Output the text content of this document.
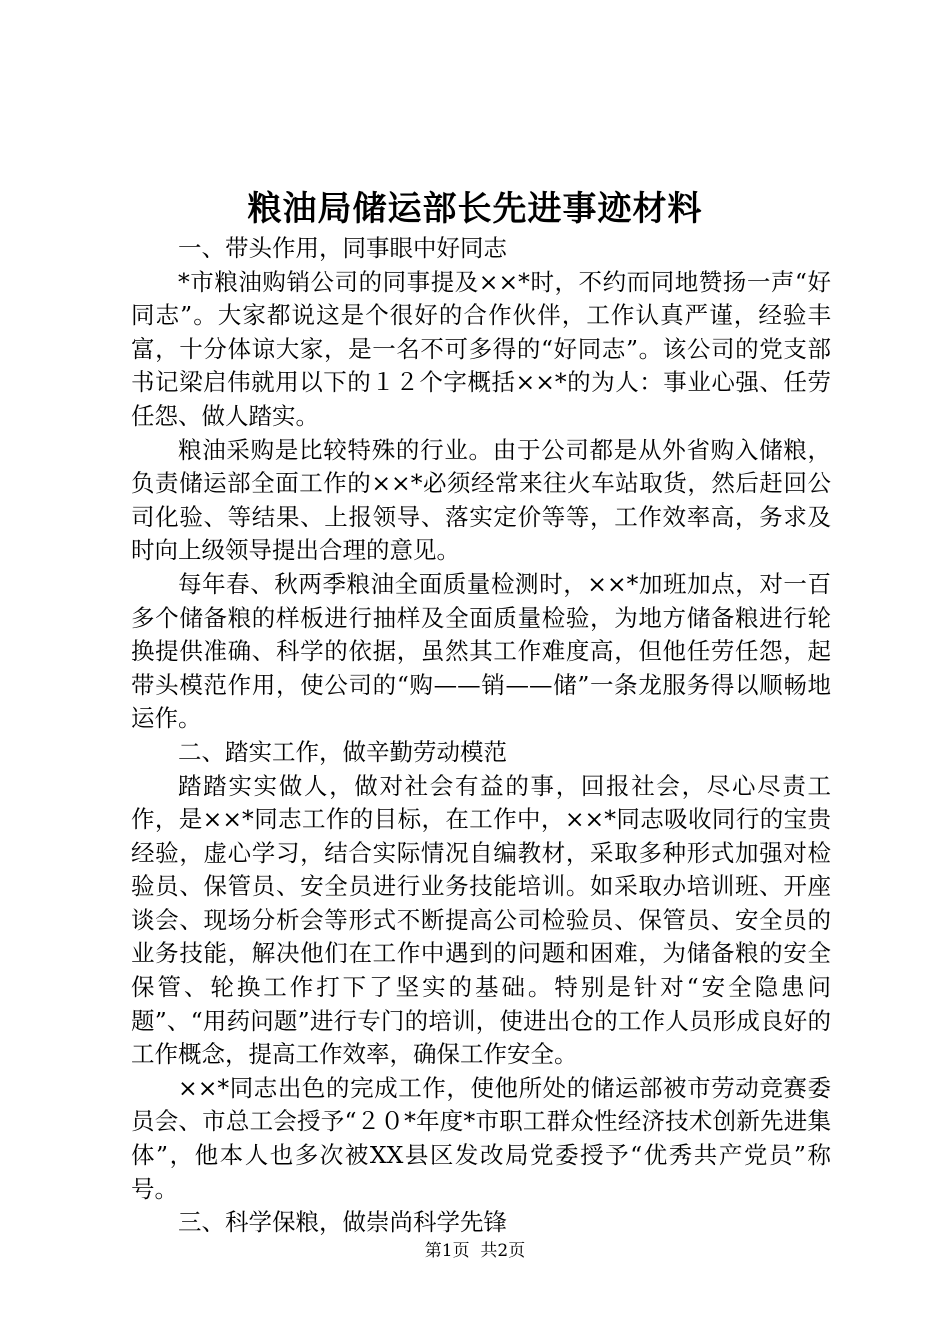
粮油局储运部长先进事迹材料

一、带头作用，同事眼中好同志

*市粮油购销公司的同事提及××*时，不约而同地赞扬一声“好同志”。大家都说这是个很好的合作伙伴，工作认真严谨，经验丰富，十分体谅大家，是一名不可多得的“好同志”。该公司的党支部书记梁启伟就用以下的１２个字概括××*的为人：事业心强、任劳任怨、做人踏实。

粮油采购是比较特殊的行业。由于公司都是从外省购入储粮，负责储运部全面工作的××*必须经常来往火车站取货，然后赶回公司化验、等结果、上报领导、落实定价等等，工作效率高，务求及时向上级领导提出合理的意见。

每年春、秋两季粮油全面质量检测时，××*加班加点，对一百多个储备粮的样板进行抽样及全面质量检验，为地方储备粮进行轮换提供准确、科学的依据，虽然其工作难度高，但他任劳任怨，起带头模范作用，使公司的“购——销——储”一条龙服务得以顺畅地运作。

二、踏实工作，做辛勤劳动模范

踏踏实实做人，做对社会有益的事，回报社会，尽心尽责工作，是××*同志工作的目标，在工作中，××*同志吸收同行的宝贵经验，虚心学习，结合实际情况自编教材，采取多种形式加强对检验员、保管员、安全员进行业务技能培训。如采取办培训班、开座谈会、现场分析会等形式不断提高公司检验员、保管员、安全员的业务技能，解决他们在工作中遇到的问题和困难，为储备粮的安全保管、轮换工作打下了坚实的基础。特别是针对“安全隐患问题”、“用药问题”进行专门的培训，使进出仓的工作人员形成良好的工作概念，提高工作效率，确保工作安全。

××*同志出色的完成工作，使他所处的储运部被市劳动竞赛委员会、市总工会授予“２０*年度*市职工群众性经济技术创新先进集体”，他本人也多次被XX县区发改局党委授予“优秀共产党员”称号。

三、科学保粮，做崇尚科学先锋

第1页  共2页
